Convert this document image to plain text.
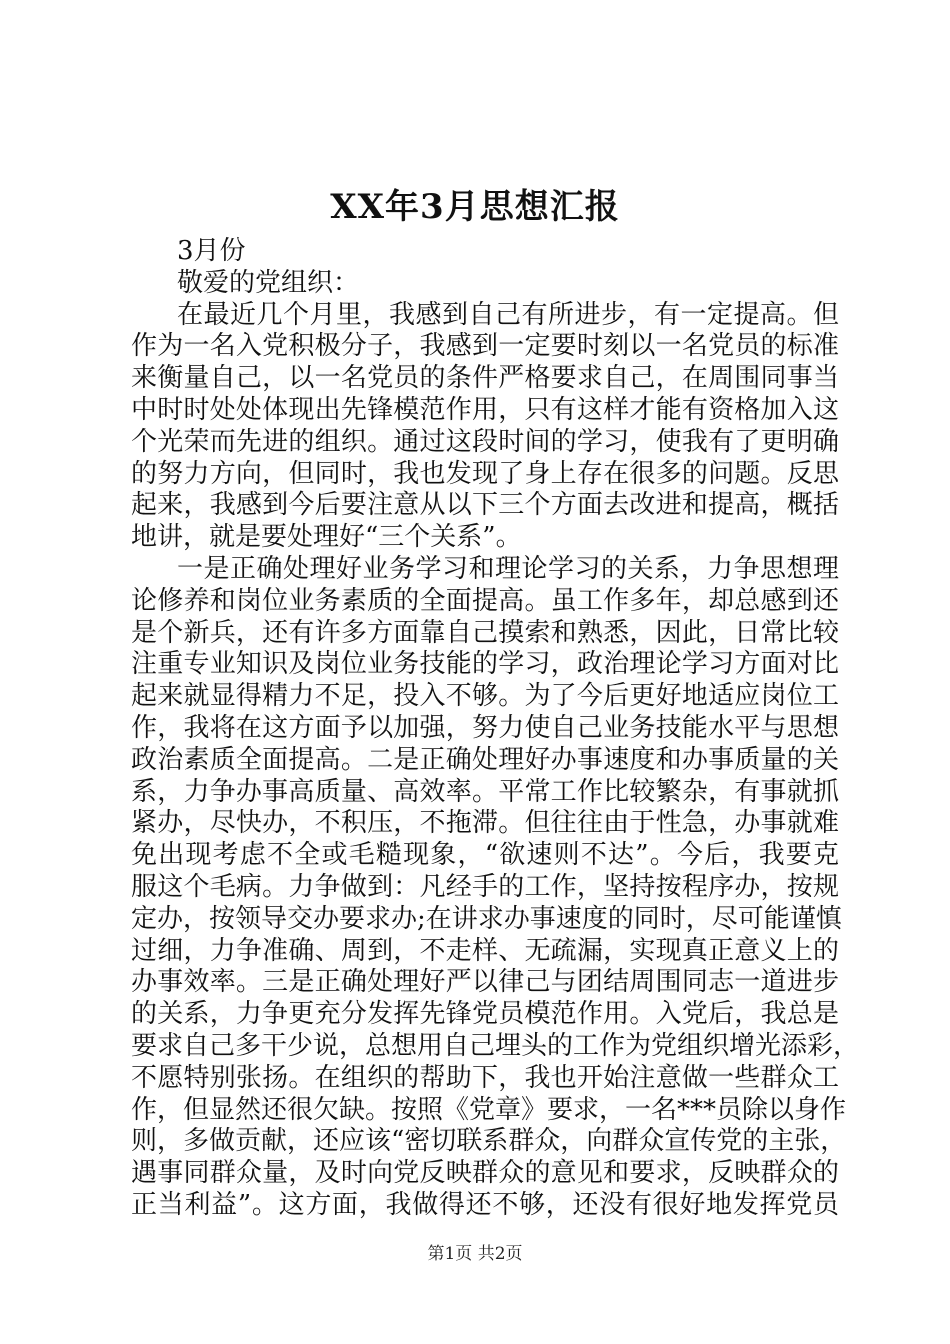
XX年3月思想汇报
3月份
敬爱的党组织：
在最近几个月里，我感到自己有所进步，有一定提高。但
作为一名入党积极分子，我感到一定要时刻以一名党员的标准
来衡量自己，以一名党员的条件严格要求自己，在周围同事当
中时时处处体现出先锋模范作用，只有这样才能有资格加入这
个光荣而先进的组织。通过这段时间的学习，使我有了更明确
的努力方向，但同时，我也发现了身上存在很多的问题。反思
起来，我感到今后要注意从以下三个方面去改进和提高，概括
地讲，就是要处理好“三个关系”。
一是正确处理好业务学习和理论学习的关系，力争思想理
论修养和岗位业务素质的全面提高。虽工作多年，却总感到还
是个新兵，还有许多方面靠自己摸索和熟悉，因此，日常比较
注重专业知识及岗位业务技能的学习，政治理论学习方面对比
起来就显得精力不足，投入不够。为了今后更好地适应岗位工
作，我将在这方面予以加强，努力使自己业务技能水平与思想
政治素质全面提高。二是正确处理好办事速度和办事质量的关
系，力争办事高质量、高效率。平常工作比较繁杂，有事就抓
紧办，尽快办，不积压，不拖滞。但往往由于性急，办事就难
免出现考虑不全或毛糙现象，“欲速则不达”。今后，我要克
服这个毛病。力争做到：凡经手的工作，坚持按程序办，按规
定办，按领导交办要求办;在讲求办事速度的同时，尽可能谨慎
过细，力争准确、周到，不走样、无疏漏，实现真正意义上的
办事效率。三是正确处理好严以律己与团结周围同志一道进步
的关系，力争更充分发挥先锋党员模范作用。入党后，我总是
要求自己多干少说，总想用自己埋头的工作为党组织增光添彩，
不愿特别张扬。在组织的帮助下，我也开始注意做一些群众工
作，但显然还很欠缺。按照《党章》要求，一名***员除以身作
则，多做贡献，还应该“密切联系群众，向群众宣传党的主张，
遇事同群众量，及时向党反映群众的意见和要求，反映群众的
正当利益”。这方面，我做得还不够，还没有很好地发挥党员
第1页 共2页
